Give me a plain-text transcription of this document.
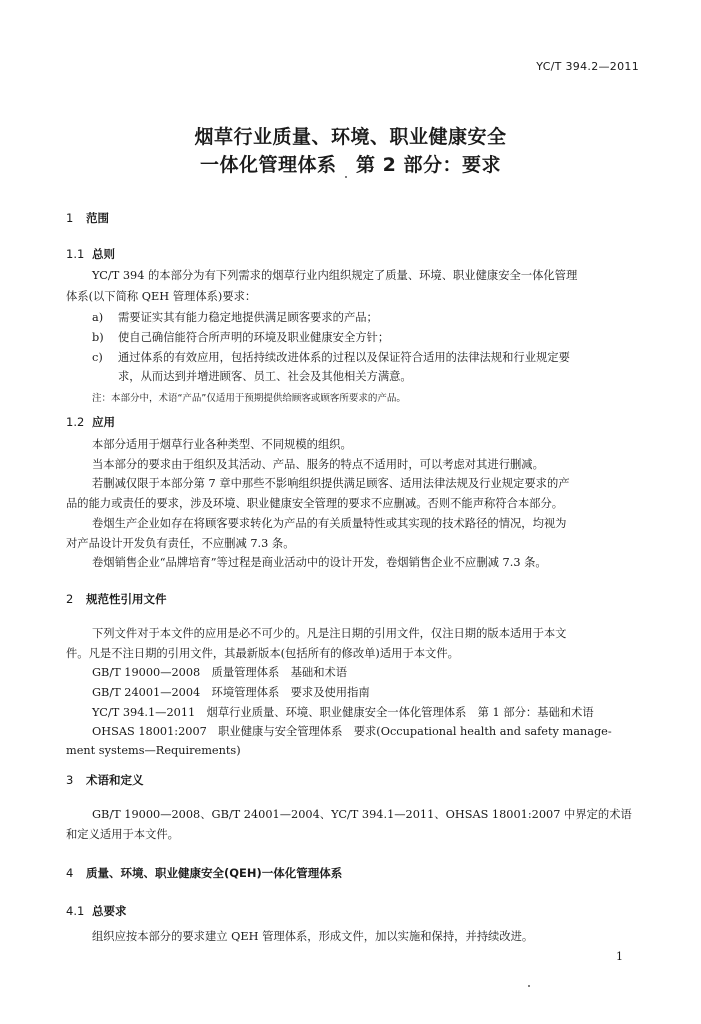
YC/T 394.2—2011
烟草行业质量、环境、职业健康安全
一体化管理体系　第 2 部分：要求
1 范围
1.1 总则
YC/T 394 的本部分为有下列需求的烟草行业内组织规定了质量、环境、职业健康安全一体化管理
体系(以下简称 QEH 管理体系)要求：
a) 需要证实其有能力稳定地提供满足顾客要求的产品；
b) 使自己确信能符合所声明的环境及职业健康安全方针；
c) 通过体系的有效应用，包括持续改进体系的过程以及保证符合适用的法律法规和行业规定要
求，从而达到并增进顾客、员工、社会及其他相关方满意。
注：本部分中，术语“产品”仅适用于预期提供给顾客或顾客所要求的产品。
1.2 应用
本部分适用于烟草行业各种类型、不同规模的组织。
当本部分的要求由于组织及其活动、产品、服务的特点不适用时，可以考虑对其进行删减。
若删减仅限于本部分第 7 章中那些不影响组织提供满足顾客、适用法律法规及行业规定要求的产
品的能力或责任的要求，涉及环境、职业健康安全管理的要求不应删减。否则不能声称符合本部分。
卷烟生产企业如存在将顾客要求转化为产品的有关质量特性或其实现的技术路径的情况，均视为
对产品设计开发负有责任，不应删减 7.3 条。
卷烟销售企业“品牌培育”等过程是商业活动中的设计开发，卷烟销售企业不应删减 7.3 条。
2 规范性引用文件
下列文件对于本文件的应用是必不可少的。凡是注日期的引用文件，仅注日期的版本适用于本文
件。凡是不注日期的引用文件，其最新版本(包括所有的修改单)适用于本文件。
GB/T 19000—2008　质量管理体系　基础和术语
GB/T 24001—2004　环境管理体系　要求及使用指南
YC/T 394.1—2011　烟草行业质量、环境、职业健康安全一体化管理体系　第 1 部分：基础和术语
OHSAS 18001:2007　职业健康与安全管理体系　要求(Occupational health and safety manage-
ment systems—Requirements)
3 术语和定义
GB/T 19000—2008、GB/T 24001—2004、YC/T 394.1—2011、OHSAS 18001:2007 中界定的术语
和定义适用于本文件。
4 质量、环境、职业健康安全(QEH)一体化管理体系
4.1 总要求
组织应按本部分的要求建立 QEH 管理体系，形成文件，加以实施和保持，并持续改进。
1
